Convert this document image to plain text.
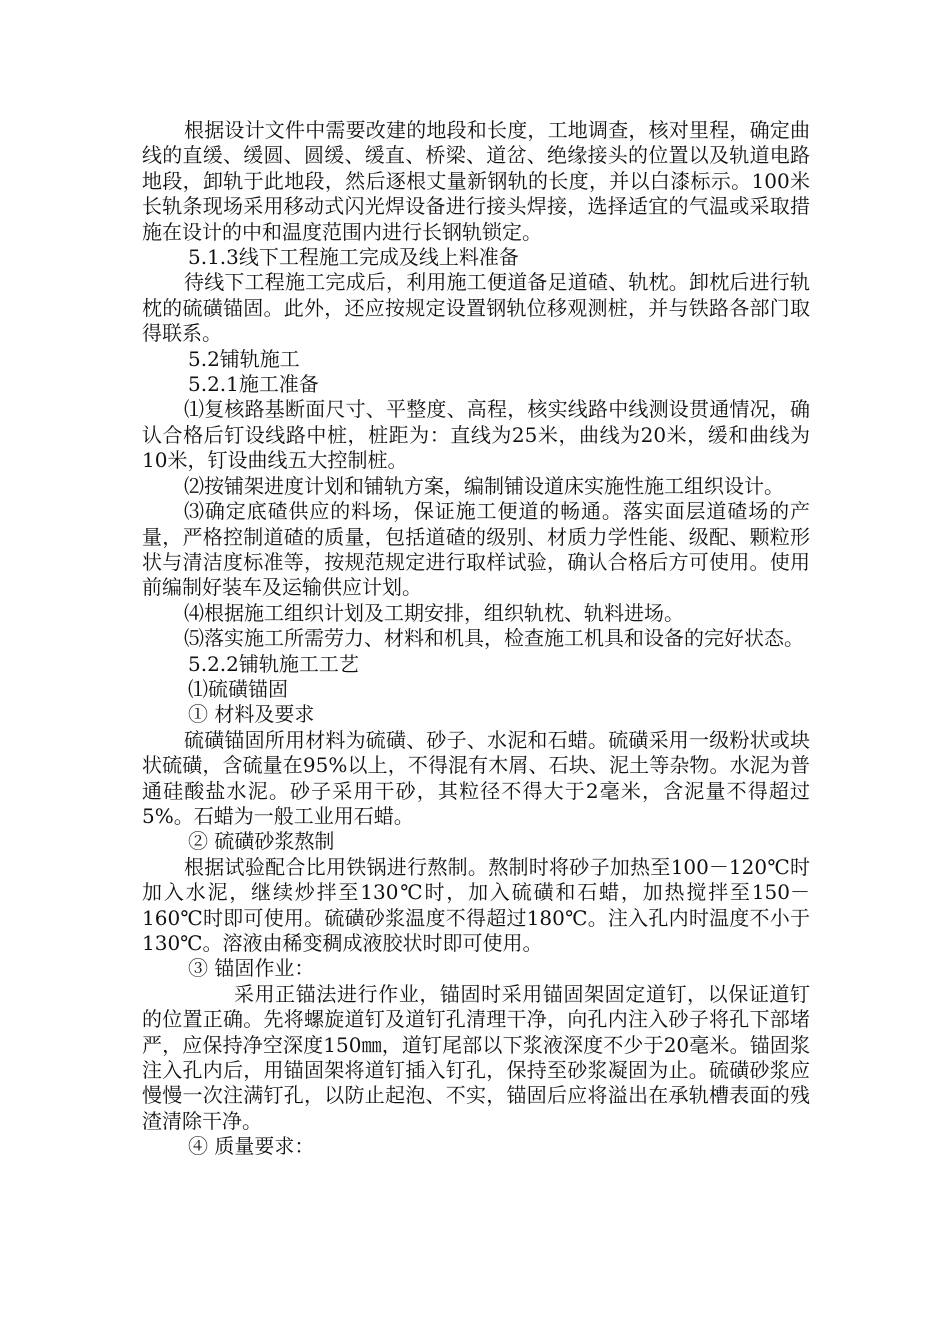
根据设计文件中需要改建的地段和长度，工地调查，核对里程，确定曲线的直缓、缓圆、圆缓、缓直、桥梁、道岔、绝缘接头的位置以及轨道电路地段，卸轨于此地段，然后逐根丈量新钢轨的长度，并以白漆标示。100米长轨条现场采用移动式闪光焊设备进行接头焊接，选择适宜的气温或采取措施在设计的中和温度范围内进行长钢轨锁定。

5.1.3线下工程施工完成及线上料准备

待线下工程施工完成后，利用施工便道备足道碴、轨枕。卸枕后进行轨枕的硫磺锚固。此外，还应按规定设置钢轨位移观测桩，并与铁路各部门取得联系。

5.2铺轨施工

5.2.1施工准备

⑴复核路基断面尺寸、平整度、高程，核实线路中线测设贯通情况，确认合格后钉设线路中桩，桩距为：直线为25米，曲线为20米，缓和曲线为10米，钉设曲线五大控制桩。

⑵按铺架进度计划和铺轨方案，编制铺设道床实施性施工组织设计。

⑶确定底碴供应的料场，保证施工便道的畅通。落实面层道碴场的产量，严格控制道碴的质量，包括道碴的级别、材质力学性能、级配、颗粒形状与清洁度标准等，按规范规定进行取样试验，确认合格后方可使用。使用前编制好装车及运输供应计划。

⑷根据施工组织计划及工期安排，组织轨枕、轨料进场。

⑸落实施工所需劳力、材料和机具，检查施工机具和设备的完好状态。

5.2.2铺轨施工工艺

⑴硫磺锚固

① 材料及要求

硫磺锚固所用材料为硫磺、砂子、水泥和石蜡。硫磺采用一级粉状或块状硫磺，含硫量在95%以上，不得混有木屑、石块、泥土等杂物。水泥为普通硅酸盐水泥。砂子采用干砂，其粒径不得大于2毫米，含泥量不得超过5%。石蜡为一般工业用石蜡。

② 硫磺砂浆熬制

根据试验配合比用铁锅进行熬制。熬制时将砂子加热至100－120℃时加入水泥，继续炒拌至130℃时，加入硫磺和石蜡，加热搅拌至150－160℃时即可使用。硫磺砂浆温度不得超过180℃。注入孔内时温度不小于130℃。溶液由稀变稠成液胶状时即可使用。

③ 锚固作业：

采用正锚法进行作业，锚固时采用锚固架固定道钉，以保证道钉的位置正确。先将螺旋道钉及道钉孔清理干净，向孔内注入砂子将孔下部堵严，应保持净空深度150㎜，道钉尾部以下浆液深度不少于20毫米。锚固浆注入孔内后，用锚固架将道钉插入钉孔，保持至砂浆凝固为止。硫磺砂浆应慢慢一次注满钉孔，以防止起泡、不实，锚固后应将溢出在承轨槽表面的残渣清除干净。

④ 质量要求：
